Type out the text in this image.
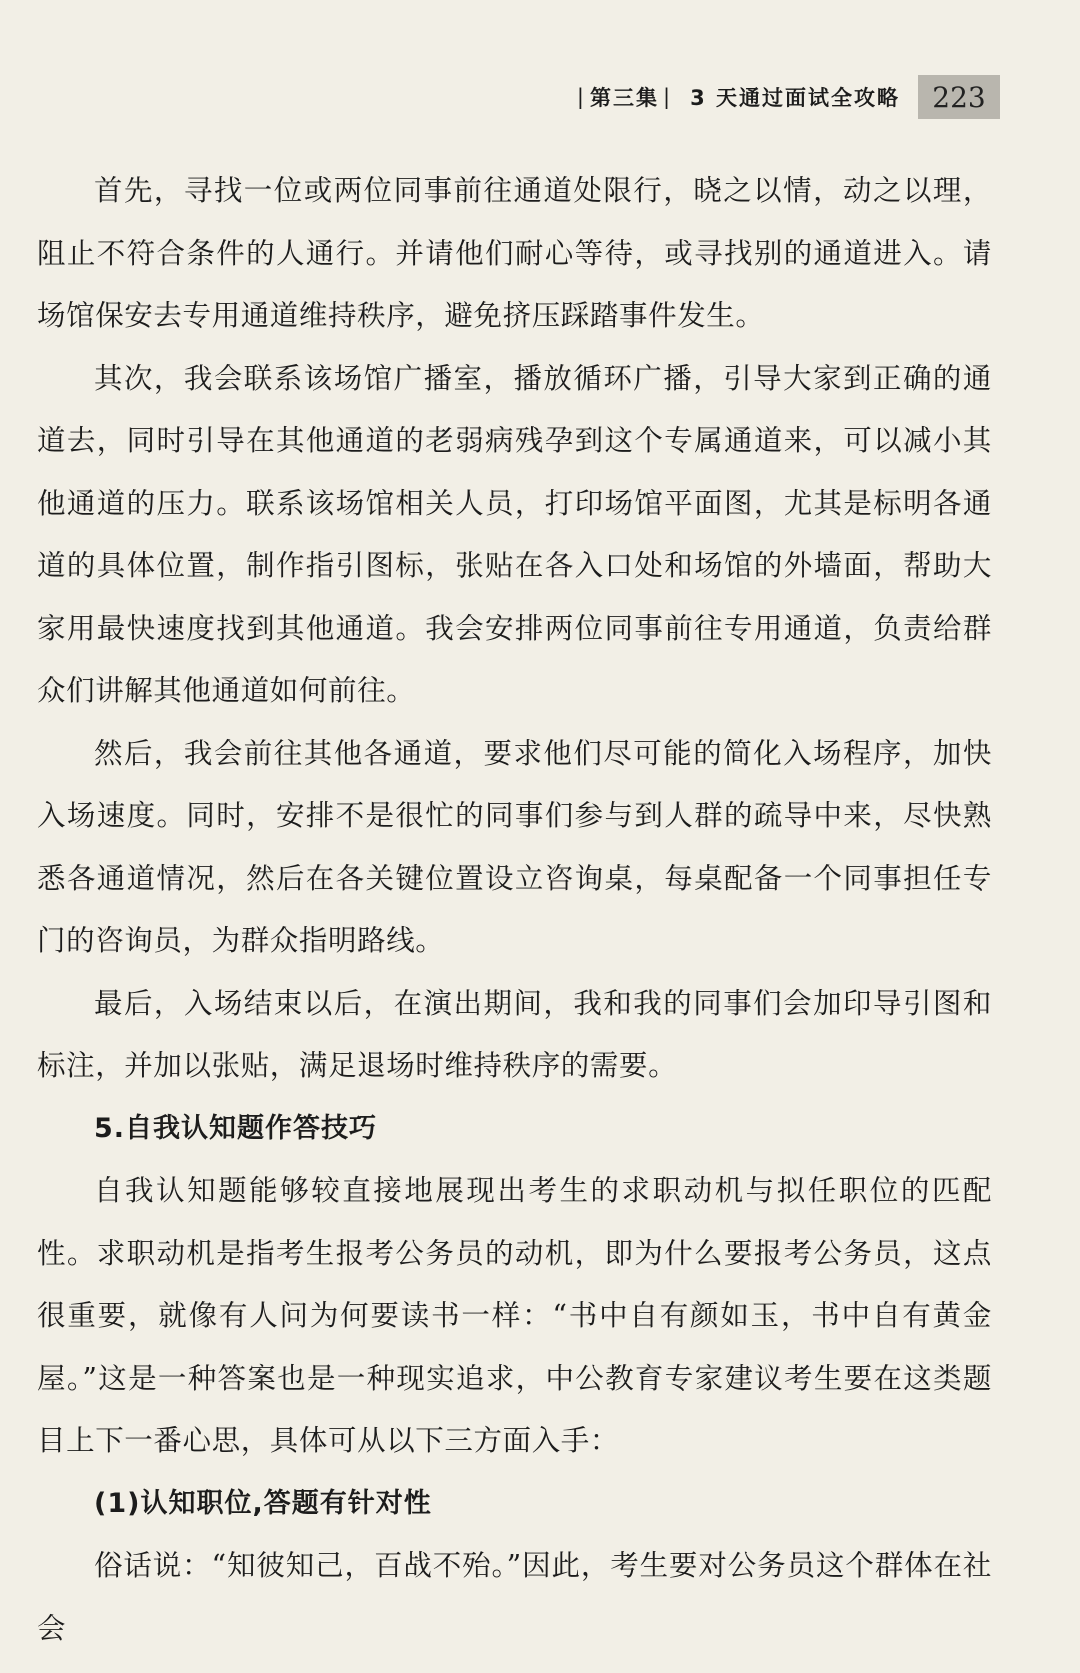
| 第三集 | 3 天通过面试全攻略	223

首先，寻找一位或两位同事前往通道处限行，晓之以情，动之以理，阻止不符合条件的人通行。并请他们耐心等待，或寻找别的通道进入。请场馆保安去专用通道维持秩序，避免挤压踩踏事件发生。

其次，我会联系该场馆广播室，播放循环广播，引导大家到正确的通道去，同时引导在其他通道的老弱病残孕到这个专属通道来，可以减小其他通道的压力。联系该场馆相关人员，打印场馆平面图，尤其是标明各通道的具体位置，制作指引图标，张贴在各入口处和场馆的外墙面，帮助大家用最快速度找到其他通道。我会安排两位同事前往专用通道，负责给群众们讲解其他通道如何前往。

然后，我会前往其他各通道，要求他们尽可能的简化入场程序，加快入场速度。同时，安排不是很忙的同事们参与到人群的疏导中来，尽快熟悉各通道情况，然后在各关键位置设立咨询桌，每桌配备一个同事担任专门的咨询员，为群众指明路线。

最后，入场结束以后，在演出期间，我和我的同事们会加印导引图和标注，并加以张贴，满足退场时维持秩序的需要。

5.自我认知题作答技巧

自我认知题能够较直接地展现出考生的求职动机与拟任职位的匹配性。求职动机是指考生报考公务员的动机，即为什么要报考公务员，这点很重要，就像有人问为何要读书一样：“书中自有颜如玉，书中自有黄金屋。”这是一种答案也是一种现实追求，中公教育专家建议考生要在这类题目上下一番心思，具体可从以下三方面入手：

(1)认知职位,答题有针对性

俗话说：“知彼知己，百战不殆。”因此，考生要对公务员这个群体在社会
